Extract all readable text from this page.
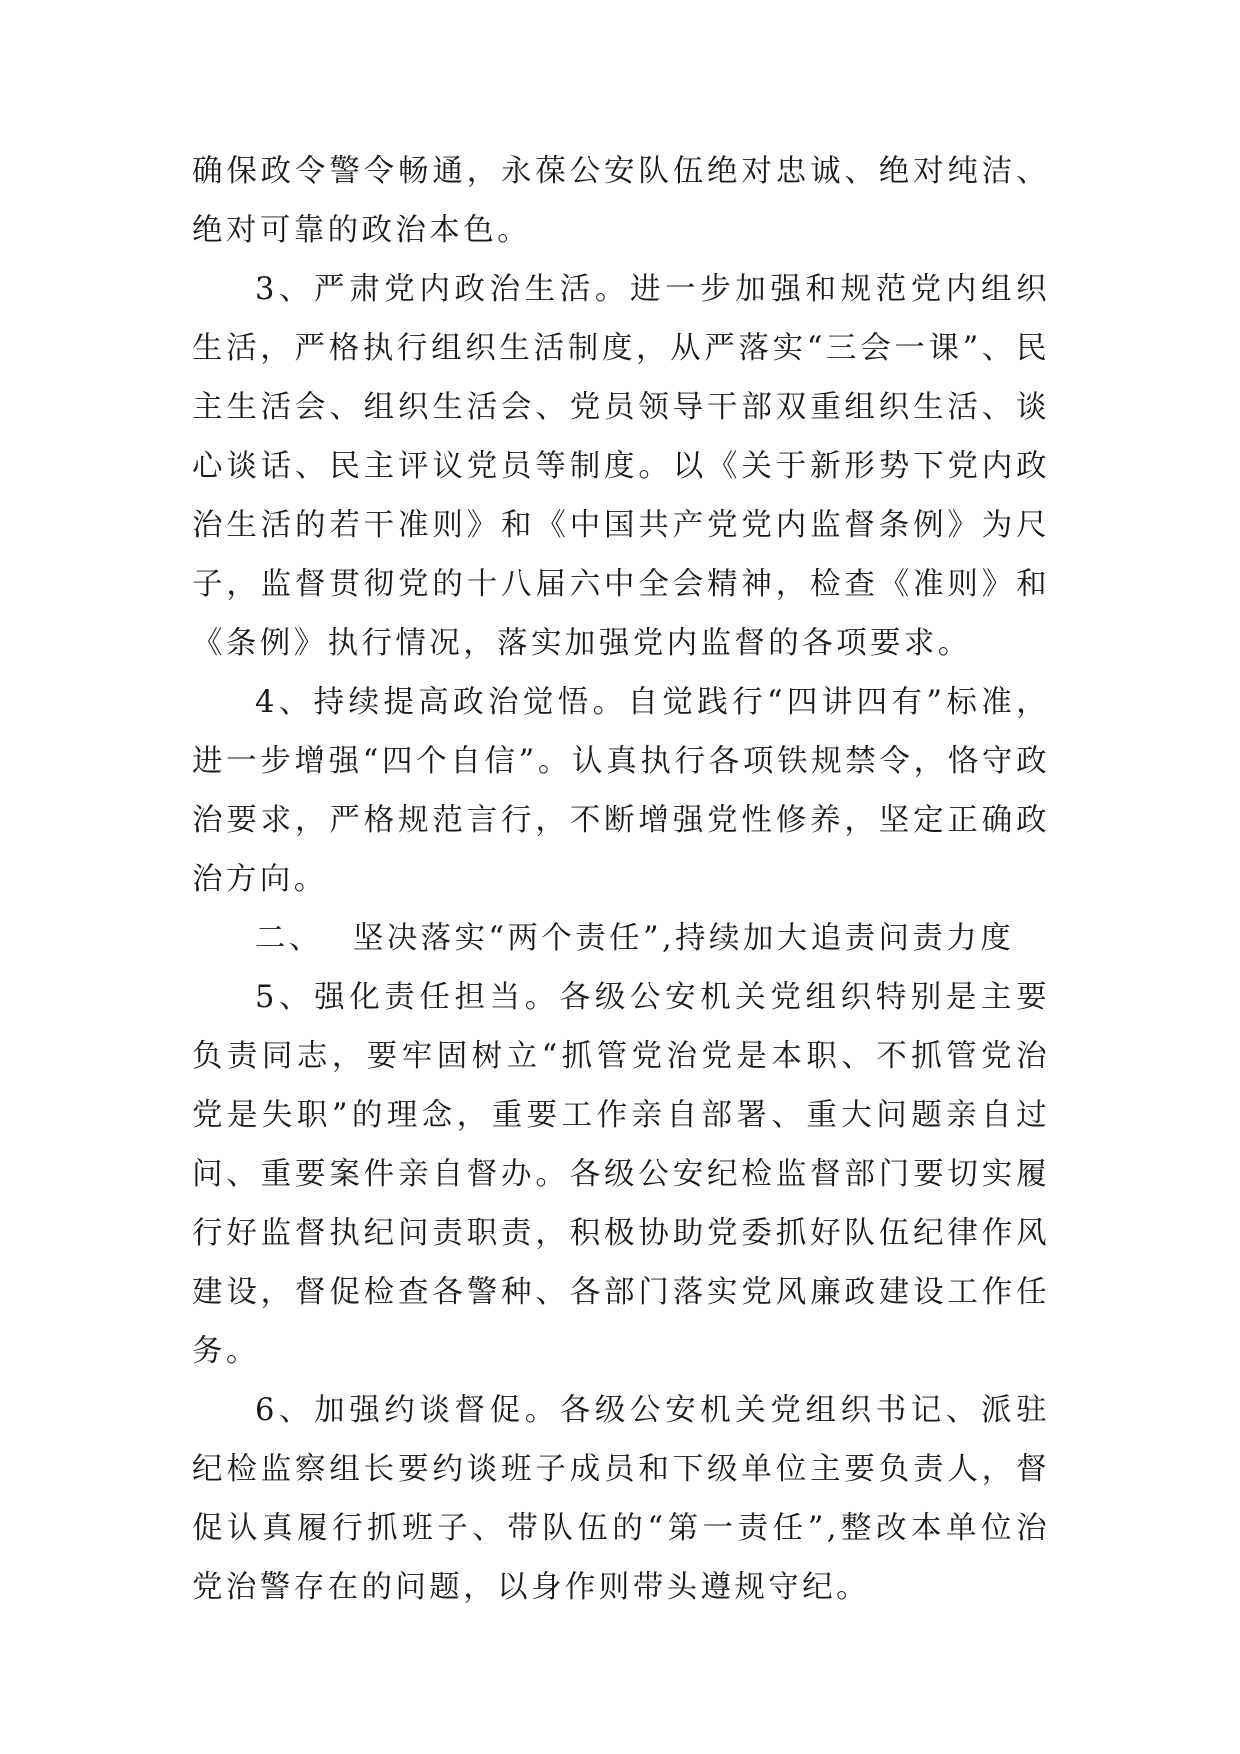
确保政令警令畅通，永葆公安队伍绝对忠诚、绝对纯洁、绝对可靠的政治本色。

3、严肃党内政治生活。进一步加强和规范党内组织生活，严格执行组织生活制度，从严落实“三会一课”、民主生活会、组织生活会、党员领导干部双重组织生活、谈心谈话、民主评议党员等制度。以《关于新形势下党内政治生活的若干准则》和《中国共产党党内监督条例》为尺子，监督贯彻党的十八届六中全会精神，检查《准则》和《条例》执行情况，落实加强党内监督的各项要求。

4、持续提高政治觉悟。自觉践行“四讲四有”标准，进一步增强“四个自信”。认真执行各项铁规禁令，恪守政治要求，严格规范言行，不断增强党性修养，坚定正确政治方向。

二、 坚决落实“两个责任”,持续加大追责问责力度

5、强化责任担当。各级公安机关党组织特别是主要负责同志，要牢固树立“抓管党治党是本职、不抓管党治党是失职”的理念，重要工作亲自部署、重大问题亲自过问、重要案件亲自督办。各级公安纪检监督部门要切实履行好监督执纪问责职责，积极协助党委抓好队伍纪律作风建设，督促检查各警种、各部门落实党风廉政建设工作任务。

6、加强约谈督促。各级公安机关党组织书记、派驻纪检监察组长要约谈班子成员和下级单位主要负责人，督促认真履行抓班子、带队伍的“第一责任”,整改本单位治党治警存在的问题，以身作则带头遵规守纪。
